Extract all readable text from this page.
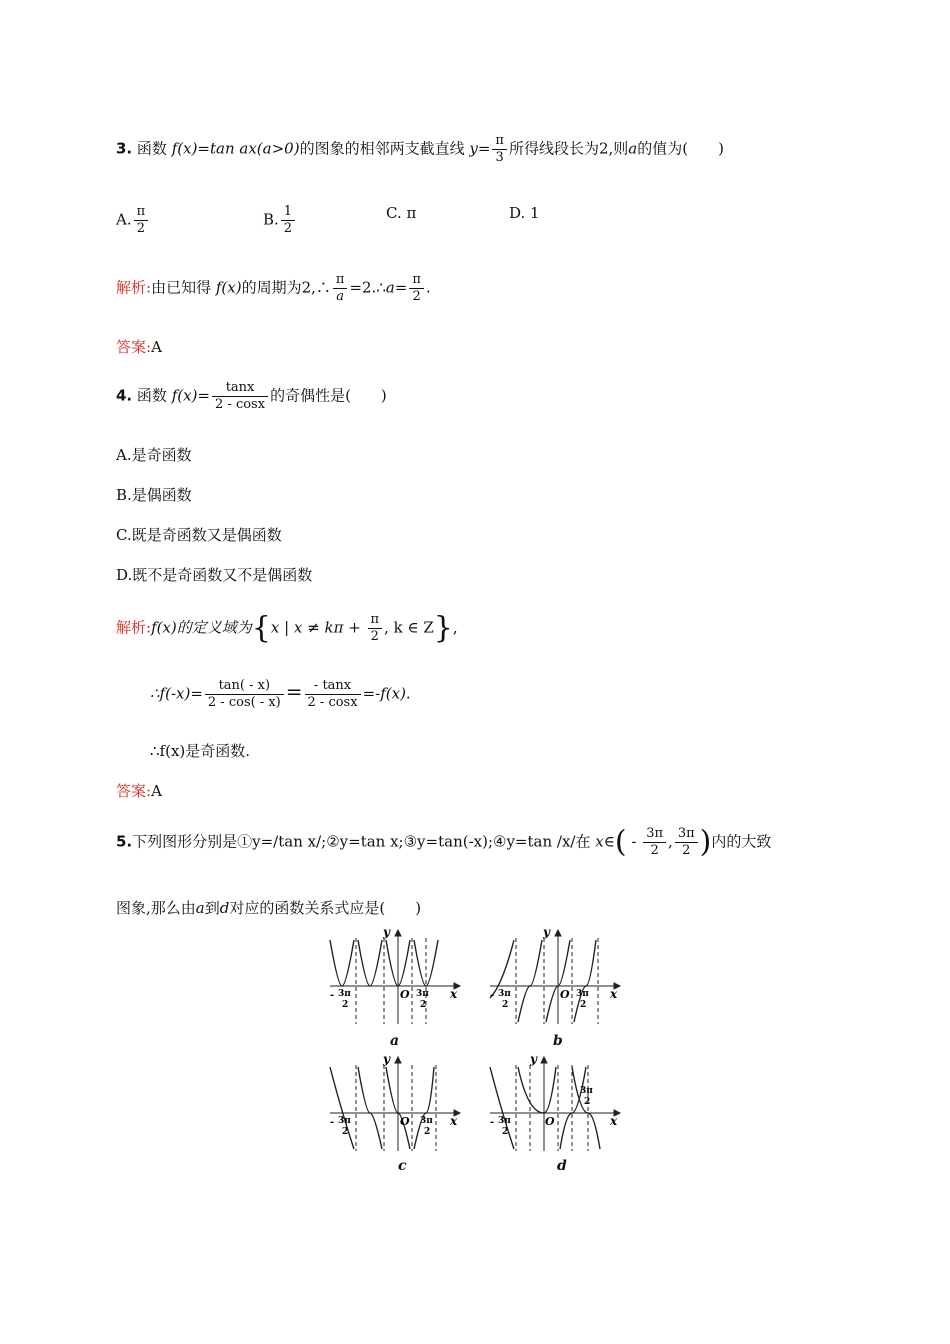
3. 函数 f(x)=tan ax(a>0)的图象的相邻两支截直线 $y= \frac{\pi}{3}$ 所得线段长为2,则a的值为(　　)
A. $\frac{\pi}{2}$	B. $\frac{1}{2}$	C. π	D. 1
解析:由已知得 f(x)的周期为2,∴ $\frac{\pi}{a}$ =2.∴a= $\frac{\pi}{2}$ .
答案:A
4. 函数 $f(x)= \frac{\tan x}{2 - \cos x}$ 的奇偶性是(　　)
A.是奇函数
B.是偶函数
C.既是奇函数又是偶函数
D.既不是奇函数又不是偶函数
解析:f(x)的定义域为{x | $x \ne k\pi + \frac{\pi}{2}$ , k ∈ Z},
∴f(-x)= $\frac{\tan( - x)}{2 - \cos( - x)} = \frac{- \tan x}{2 - \cos x} =-f(x)$.
∴f(x)是奇函数.
答案:A
5.下列图形分别是①y=/tan x/;②y=tan x;③y=tan(-x);④y=tan /x/在 x∈( - $\frac{3\pi}{2}$ , $\frac{3\pi}{2}$ )内的大致
图象,那么由a到d对应的函数关系式应是(　　)
y
x
O
- 3π
2
3π
2
a
y
x
O
- 3π
2
3π
2
b
y
x
O
- 3π
2
3π
2
c
y
x
O
- 3π
2
3π
2
d
